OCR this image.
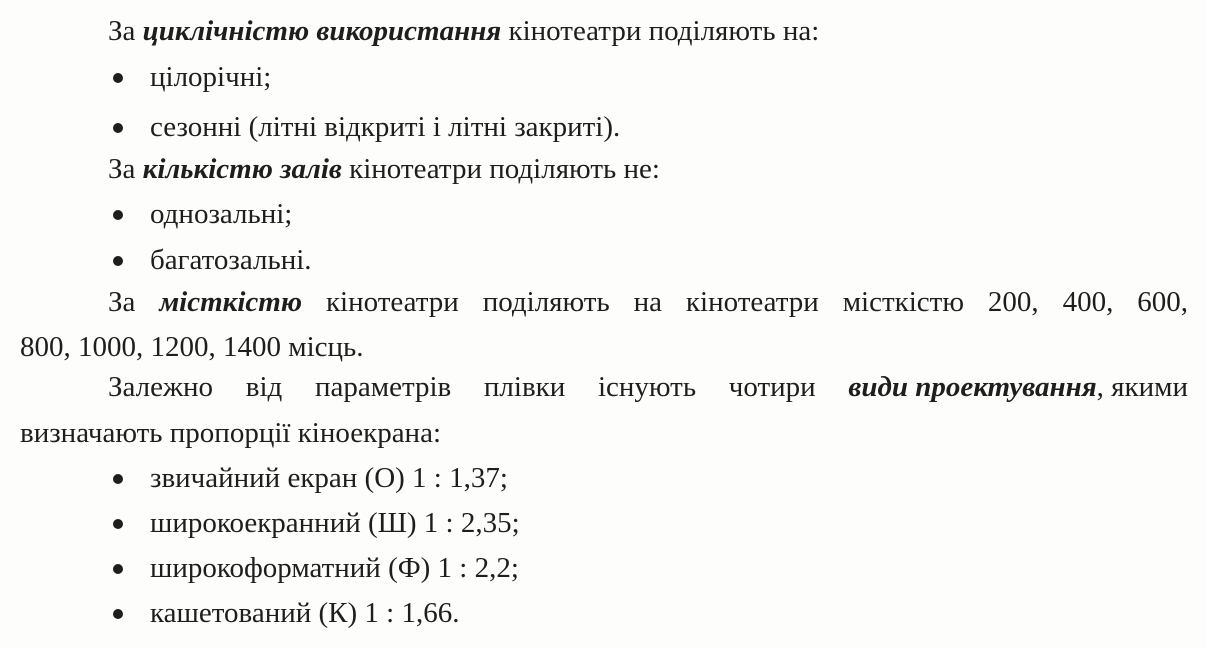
За циклічністю використання кінотеатри поділяють на:
цілорічні;
сезонні (літні відкриті і літні закриті).
За кількістю залів кінотеатри поділяють не:
однозальні;
багатозальні.
За місткістю кінотеатри поділяють на кінотеатри місткістю 200, 400, 600,
800, 1000, 1200, 1400 місць.
Залежно від параметрів плівки існують чотири види проектування, якими
визначають пропорції кіноекрана:
звичайний екран (О) 1 : 1,37;
широкоекранний (Ш) 1 : 2,35;
широкоформатний (Ф) 1 : 2,2;
кашетований (К) 1 : 1,66.
